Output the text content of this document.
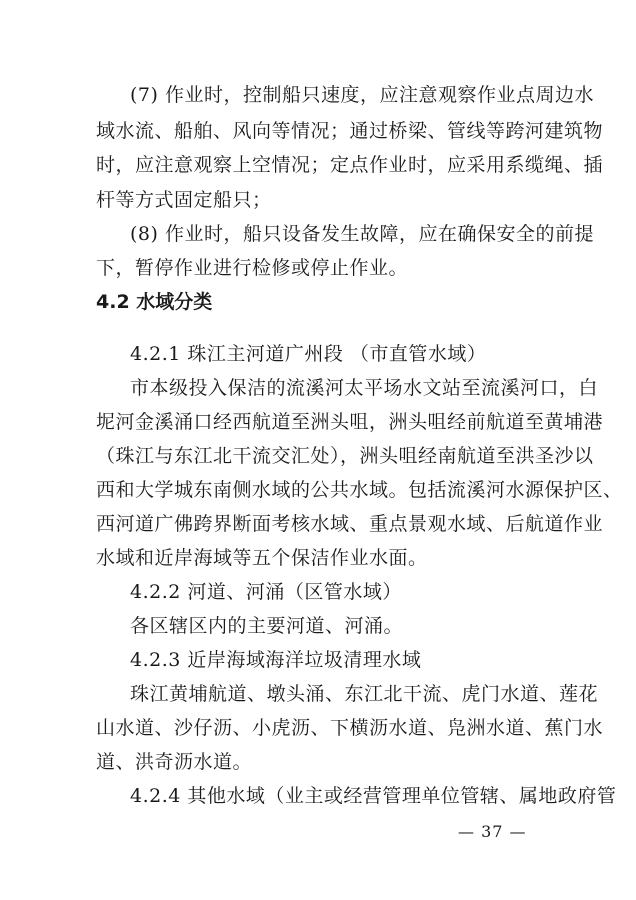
(7) 作业时，控制船只速度，应注意观察作业点周边水
域水流、船舶、风向等情况；通过桥梁、管线等跨河建筑物
时，应注意观察上空情况；定点作业时，应采用系缆绳、插
杆等方式固定船只；
(8) 作业时，船只设备发生故障，应在确保安全的前提
下，暂停作业进行检修或停止作业。
4.2 水域分类
4.2.1 珠江主河道广州段 （市直管水域）
市本级投入保洁的流溪河太平场水文站至流溪河口，白
坭河金溪涌口经西航道至洲头咀，洲头咀经前航道至黄埔港
（珠江与东江北干流交汇处），洲头咀经南航道至洪圣沙以
西和大学城东南侧水域的公共水域。包括流溪河水源保护区、
西河道广佛跨界断面考核水域、重点景观水域、后航道作业
水域和近岸海域等五个保洁作业水面。
4.2.2 河道、河涌（区管水域）
各区辖区内的主要河道、河涌。
4.2.3 近岸海域海洋垃圾清理水域
珠江黄埔航道、墩头涌、东江北干流、虎门水道、莲花
山水道、沙仔沥、小虎沥、下横沥水道、凫洲水道、蕉门水
道、洪奇沥水道。
4.2.4 其他水域（业主或经营管理单位管辖、属地政府管
— 37 —
